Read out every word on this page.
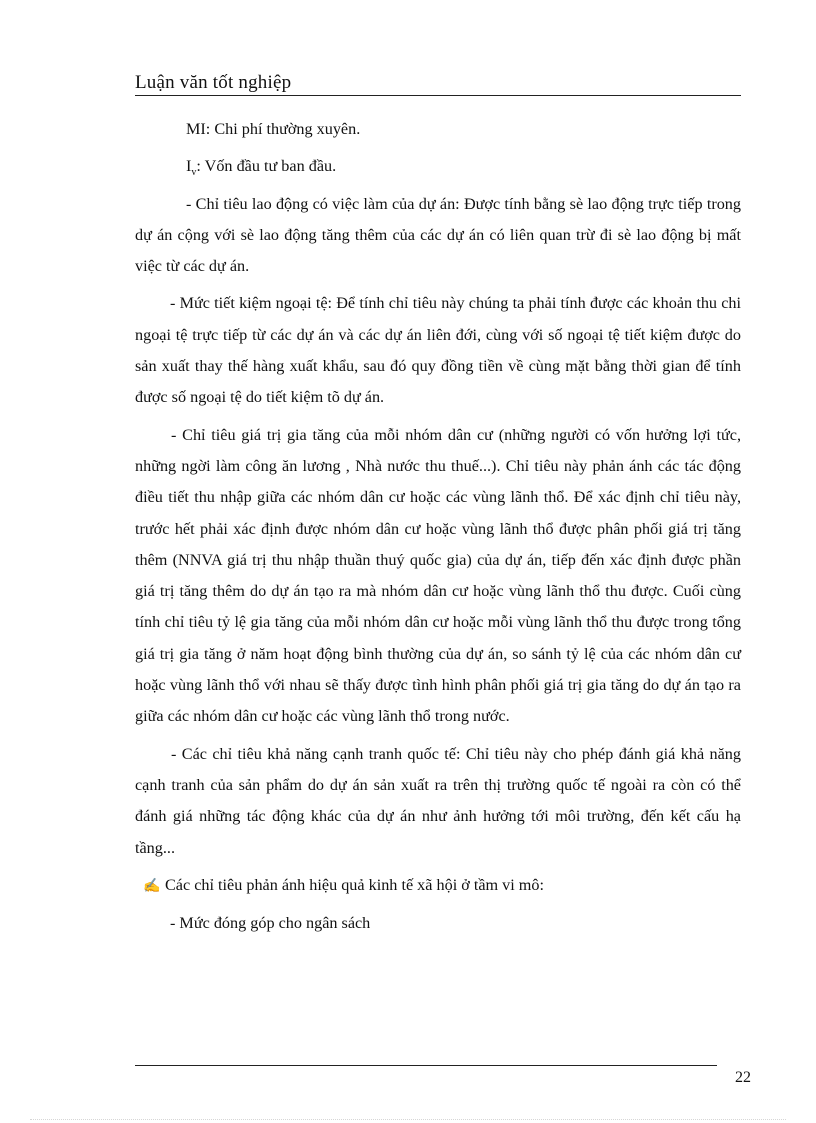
Luận văn tốt nghiệp

MI: Chi phí thường xuyên.

$I_v$: Vốn đầu tư ban đầu.

- Chỉ tiêu lao động có việc làm của dự án: Được tính bằng sè lao động trực tiếp trong dự án cộng với sè lao động tăng thêm của các dự án có liên quan trừ đi sè lao động bị mất việc từ các dự án.

- Mức tiết kiệm ngoại tệ: Để tính chỉ tiêu này chúng ta phải tính được các khoản thu chi ngoại tệ trực tiếp từ các dự án và các dự án liên đới, cùng với số ngoại tệ tiết kiệm được do sản xuất thay thế hàng xuất khẩu, sau đó quy đồng tiền về cùng mặt bằng thời gian để tính được số ngoại tệ do tiết kiệm tõ dự án.

- Chỉ tiêu giá trị gia tăng của mỗi nhóm dân cư (những người có vốn hưởng lợi tức, những ngời làm công ăn lương , Nhà nước thu thuế...). Chỉ tiêu này phản ánh các tác động điều tiết thu nhập giữa các nhóm dân cư hoặc các vùng lãnh thổ. Để xác định chỉ tiêu này, trước hết phải xác định được nhóm dân cư hoặc vùng lãnh thổ được phân phối giá trị tăng thêm (NNVA giá trị thu nhập thuần thuý quốc gia) của dự án, tiếp đến xác định được phần giá trị tăng thêm do dự án tạo ra mà nhóm dân cư hoặc vùng lãnh thổ thu được. Cuối cùng tính chỉ tiêu tỷ lệ gia tăng của mỗi nhóm dân cư hoặc mỗi vùng lãnh thổ thu được trong tổng giá trị gia tăng ở năm hoạt động bình thường của dự án, so sánh tỷ lệ của các nhóm dân cư hoặc vùng lãnh thổ với nhau sẽ thấy được tình hình phân phối giá trị gia tăng do dự án tạo ra giữa các nhóm dân cư hoặc các vùng lãnh thổ trong nước.

- Các chỉ tiêu khả năng cạnh tranh quốc tế: Chỉ tiêu này cho phép đánh giá khả năng cạnh tranh của sản phẩm do dự án sản xuất ra trên thị trường quốc tế ngoài ra còn có thể đánh giá những tác động khác của dự án như ảnh hưởng tới môi trường, đến kết cấu hạ tầng...

✍ Các chỉ tiêu phản ánh hiệu quả kinh tế xã hội ở tầm vi mô:

- Mức đóng góp cho ngân sách

22
